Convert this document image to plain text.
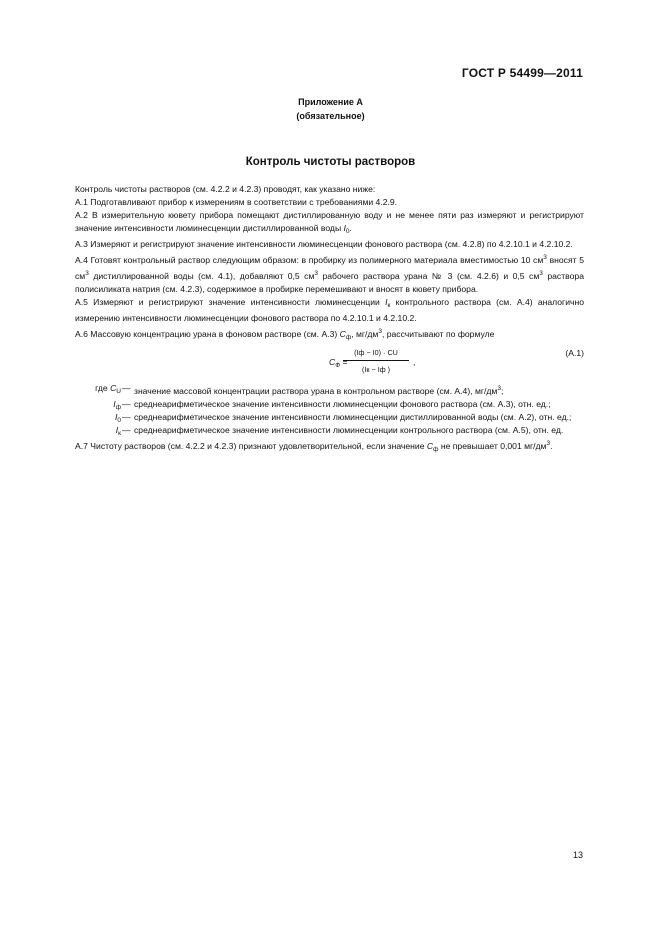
ГОСТ Р 54499—2011
Приложение А
(обязательное)
Контроль чистоты растворов

Контроль чистоты растворов (см. 4.2.2 и 4.2.3) проводят, как указано ниже:

А.1 Подготавливают прибор к измерениям в соответствии с требованиями 4.2.9.

А.2 В измерительную кювету прибора помещают дистиллированную воду и не менее пяти раз измеряют и регистрируют значение интенсивности люминесценции дистиллированной воды $I_0$.

А.3 Измеряют и регистрируют значение интенсивности люминесценции фонового раствора (см. 4.2.8) по 4.2.10.1 и 4.2.10.2.

А.4 Готовят контрольный раствор следующим образом: в пробирку из полимерного материала вместимостью 10 $см^3$ вносят 5 $см^3$ дистиллированной воды (см. 4.1), добавляют 0,5 $см^3$ рабочего раствора урана № 3 (см. 4.2.6) и 0,5 $см^3$ раствора полисиликата натрия (см. 4.2.3), содержимое в пробирке перемешивают и вносят в кювету прибора.

А.5 Измеряют и регистрируют значение интенсивности люминесценции $I_к$ контрольного раствора (см. А.4) аналогично измерению интенсивности люминесценции фонового раствора по 4.2.10.1 и 4.2.10.2.

А.6 Массовую концентрацию урана в фоновом растворе (см. А.3) $C_ф$, $мг/дм^3$, рассчитывают по формуле

$C_Ф$ =
(Iф − I0) · CU
(Iк − Iф )
,
(А.1)
где $C_U$ — значение массовой концентрации раствора урана в контрольном растворе (см. А.4), $мг/дм^3$;
$I_ф$ — среднеарифметическое значение интенсивности люминесценции фонового раствора (см. А.3), отн. ед.;
$I_0$ — среднеарифметическое значение интенсивности люминесценции дистиллированной воды (см. А.2), отн. ед.;
$I_к$ — среднеарифметическое значение интенсивности люминесценции контрольного раствора (см. А.5), отн. ед.

А.7 Чистоту растворов (см. 4.2.2 и 4.2.3) признают удовлетворительной, если значение $C_ф$ не превышает 0,001 $мг/дм^3$.

13
